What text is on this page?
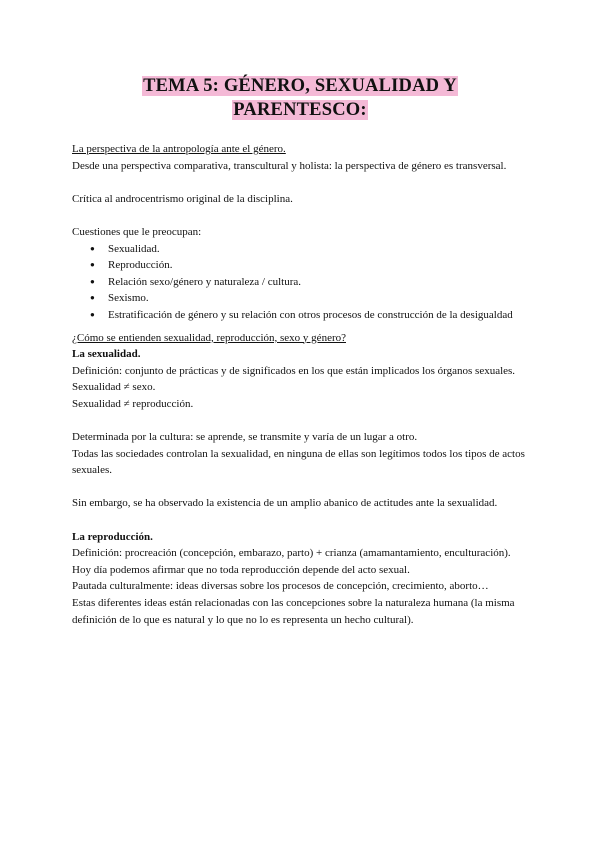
TEMA 5: GÉNERO, SEXUALIDAD Y
PARENTESCO:
La perspectiva de la antropología ante el género.
Desde una perspectiva comparativa, transcultural y holista: la perspectiva de género es transversal.
Crítica al androcentrismo original de la disciplina.
Cuestiones que le preocupan:
● Sexualidad.
● Reproducción.
● Relación sexo/género y naturaleza / cultura.
● Sexismo.
● Estratificación de género y su relación con otros procesos de construcción de la desigualdad
¿Cómo se entienden sexualidad, reproducción, sexo y género?
La sexualidad.
Definición: conjunto de prácticas y de significados en los que están implicados los órganos sexuales.
Sexualidad ≠ sexo.
Sexualidad ≠ reproducción.
Determinada por la cultura: se aprende, se transmite y varía de un lugar a otro.
Todas las sociedades controlan la sexualidad, en ninguna de ellas son legítimos todos los tipos de actos sexuales.
Sin embargo, se ha observado la existencia de un amplio abanico de actitudes ante la sexualidad.
La reproducción.
Definición: procreación (concepción, embarazo, parto) + crianza (amamantamiento, enculturación).
Hoy día podemos afirmar que no toda reproducción depende del acto sexual.
Pautada culturalmente: ideas diversas sobre los procesos de concepción, crecimiento, aborto…
Estas diferentes ideas están relacionadas con las concepciones sobre la naturaleza humana (la misma definición de lo que es natural y lo que no lo es representa un hecho cultural).
